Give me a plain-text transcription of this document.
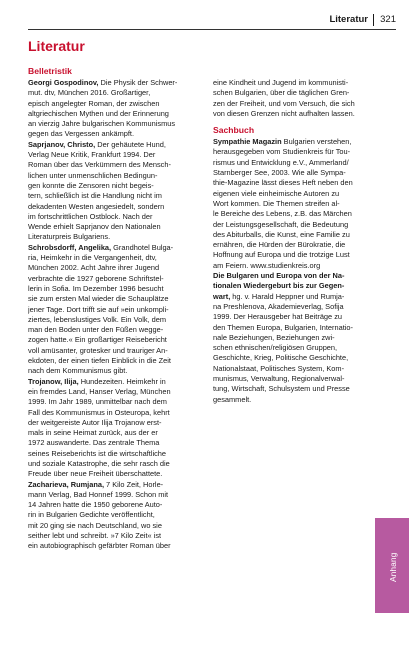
Literatur 321
Literatur
Belletristik
Georgi Gospodinov, Die Physik der Schwer-
mut. dtv, München 2016. Großartiger,
episch angelegter Roman, der zwischen
altgriechischen Mythen und der Erinnerung
an vierzig Jahre bulgarischen Kommunismus
gegen das Vergessen ankämpft.
Saprjanov, Christo, Der gehäutete Hund,
Verlag Neue Kritik, Frankfurt 1994. Der
Roman über das Verkümmern des Mensch-
lichen unter unmenschlichen Bedingun-
gen konnte die Zensoren nicht begeis-
tern, schließlich ist die Handlung nicht im
dekadenten Westen angesiedelt, sondern
im fortschrittlichen Ostblock. Nach der
Wende erhielt Saprjanov den Nationalen
Literaturpreis Bulgariens.
Schrobsdorff, Angelika, Grandhotel Bulga-
ria, Heimkehr in die Vergangenheit, dtv,
München 2002. Acht Jahre ihrer Jugend
verbrachte die 1927 geborene Schriftstel-
lerin in Sofia. Im Dezember 1996 besucht
sie zum ersten Mal wieder die Schauplätze
jener Tage. Dort trifft sie auf »ein unkompli-
ziertes, lebenslustiges Volk. Ein Volk, dem
man den Boden unter den Füßen wegge-
zogen hatte.« Ein großartiger Reisebericht
voll amüsanter, grotesker und trauriger An-
ekdoten, der einen tiefen Einblick in die Zeit
nach dem Kommunismus gibt.
Trojanow, Ilija, Hundezeiten. Heimkehr in
ein fremdes Land, Hanser Verlag, München
1999. Im Jahr 1989, unmittelbar nach dem
Fall des Kommunismus in Osteuropa, kehrt
der weitgereiste Autor Ilija Trojanow erst-
mals in seine Heimat zurück, aus der er
1972 auswanderte. Das zentrale Thema
seines Reiseberichts ist die wirtschaftliche
und soziale Katastrophe, die sehr rasch die
Freude über neue Freiheit überschattete.
Zacharieva, Rumjana, 7 Kilo Zeit, Horle-
mann Verlag, Bad Honnef 1999. Schon mit
14 Jahren hatte die 1950 geborene Auto-
rin in Bulgarien Gedichte veröffentlicht,
mit 20 ging sie nach Deutschland, wo sie
seither lebt und schreibt. »7 Kilo Zeit« ist
ein autobiographisch gefärbter Roman über
eine Kindheit und Jugend im kommunisti-
schen Bulgarien, über die täglichen Gren-
zen der Freiheit, und vom Versuch, die sich
von diesen Grenzen nicht aufhalten lassen.
Sachbuch
Sympathie Magazin Bulgarien verstehen,
herausgegeben vom Studienkreis für Tou-
rismus und Entwicklung e.V., Ammerland/
Starnberger See, 2003. Wie alle Sympa-
thie-Magazine lässt dieses Heft neben den
eigenen viele einheimische Autoren zu
Wort kommen. Die Themen streifen al-
le Bereiche des Lebens, z.B. das Märchen
der Leistungsgesellschaft, die Bedeutung
des Abiturballs, die Kunst, eine Familie zu
ernähren, die Hürden der Bürokratie, die
Hoffnung auf Europa und die trotzige Lust
am Feiern. www.studienkreis.org
Die Bulgaren und Europa von der Na-
tionalen Wiedergeburt bis zur Gegen-
wart, hg. v. Harald Heppner und Rumja-
na Preshlenova, Akademieverlag, Sofija
1999. Der Herausgeber hat Beiträge zu
den Themen Europa, Bulgarien, Internatio-
nale Beziehungen, Beziehungen zwi-
schen ethnischen/religiösen Gruppen,
Geschichte, Krieg, Politische Geschichte,
Nationalstaat, Politisches System, Kom-
munismus, Verwaltung, Regionalverwal-
tung, Wirtschaft, Schulsystem und Presse
gesammelt.
Anhang
